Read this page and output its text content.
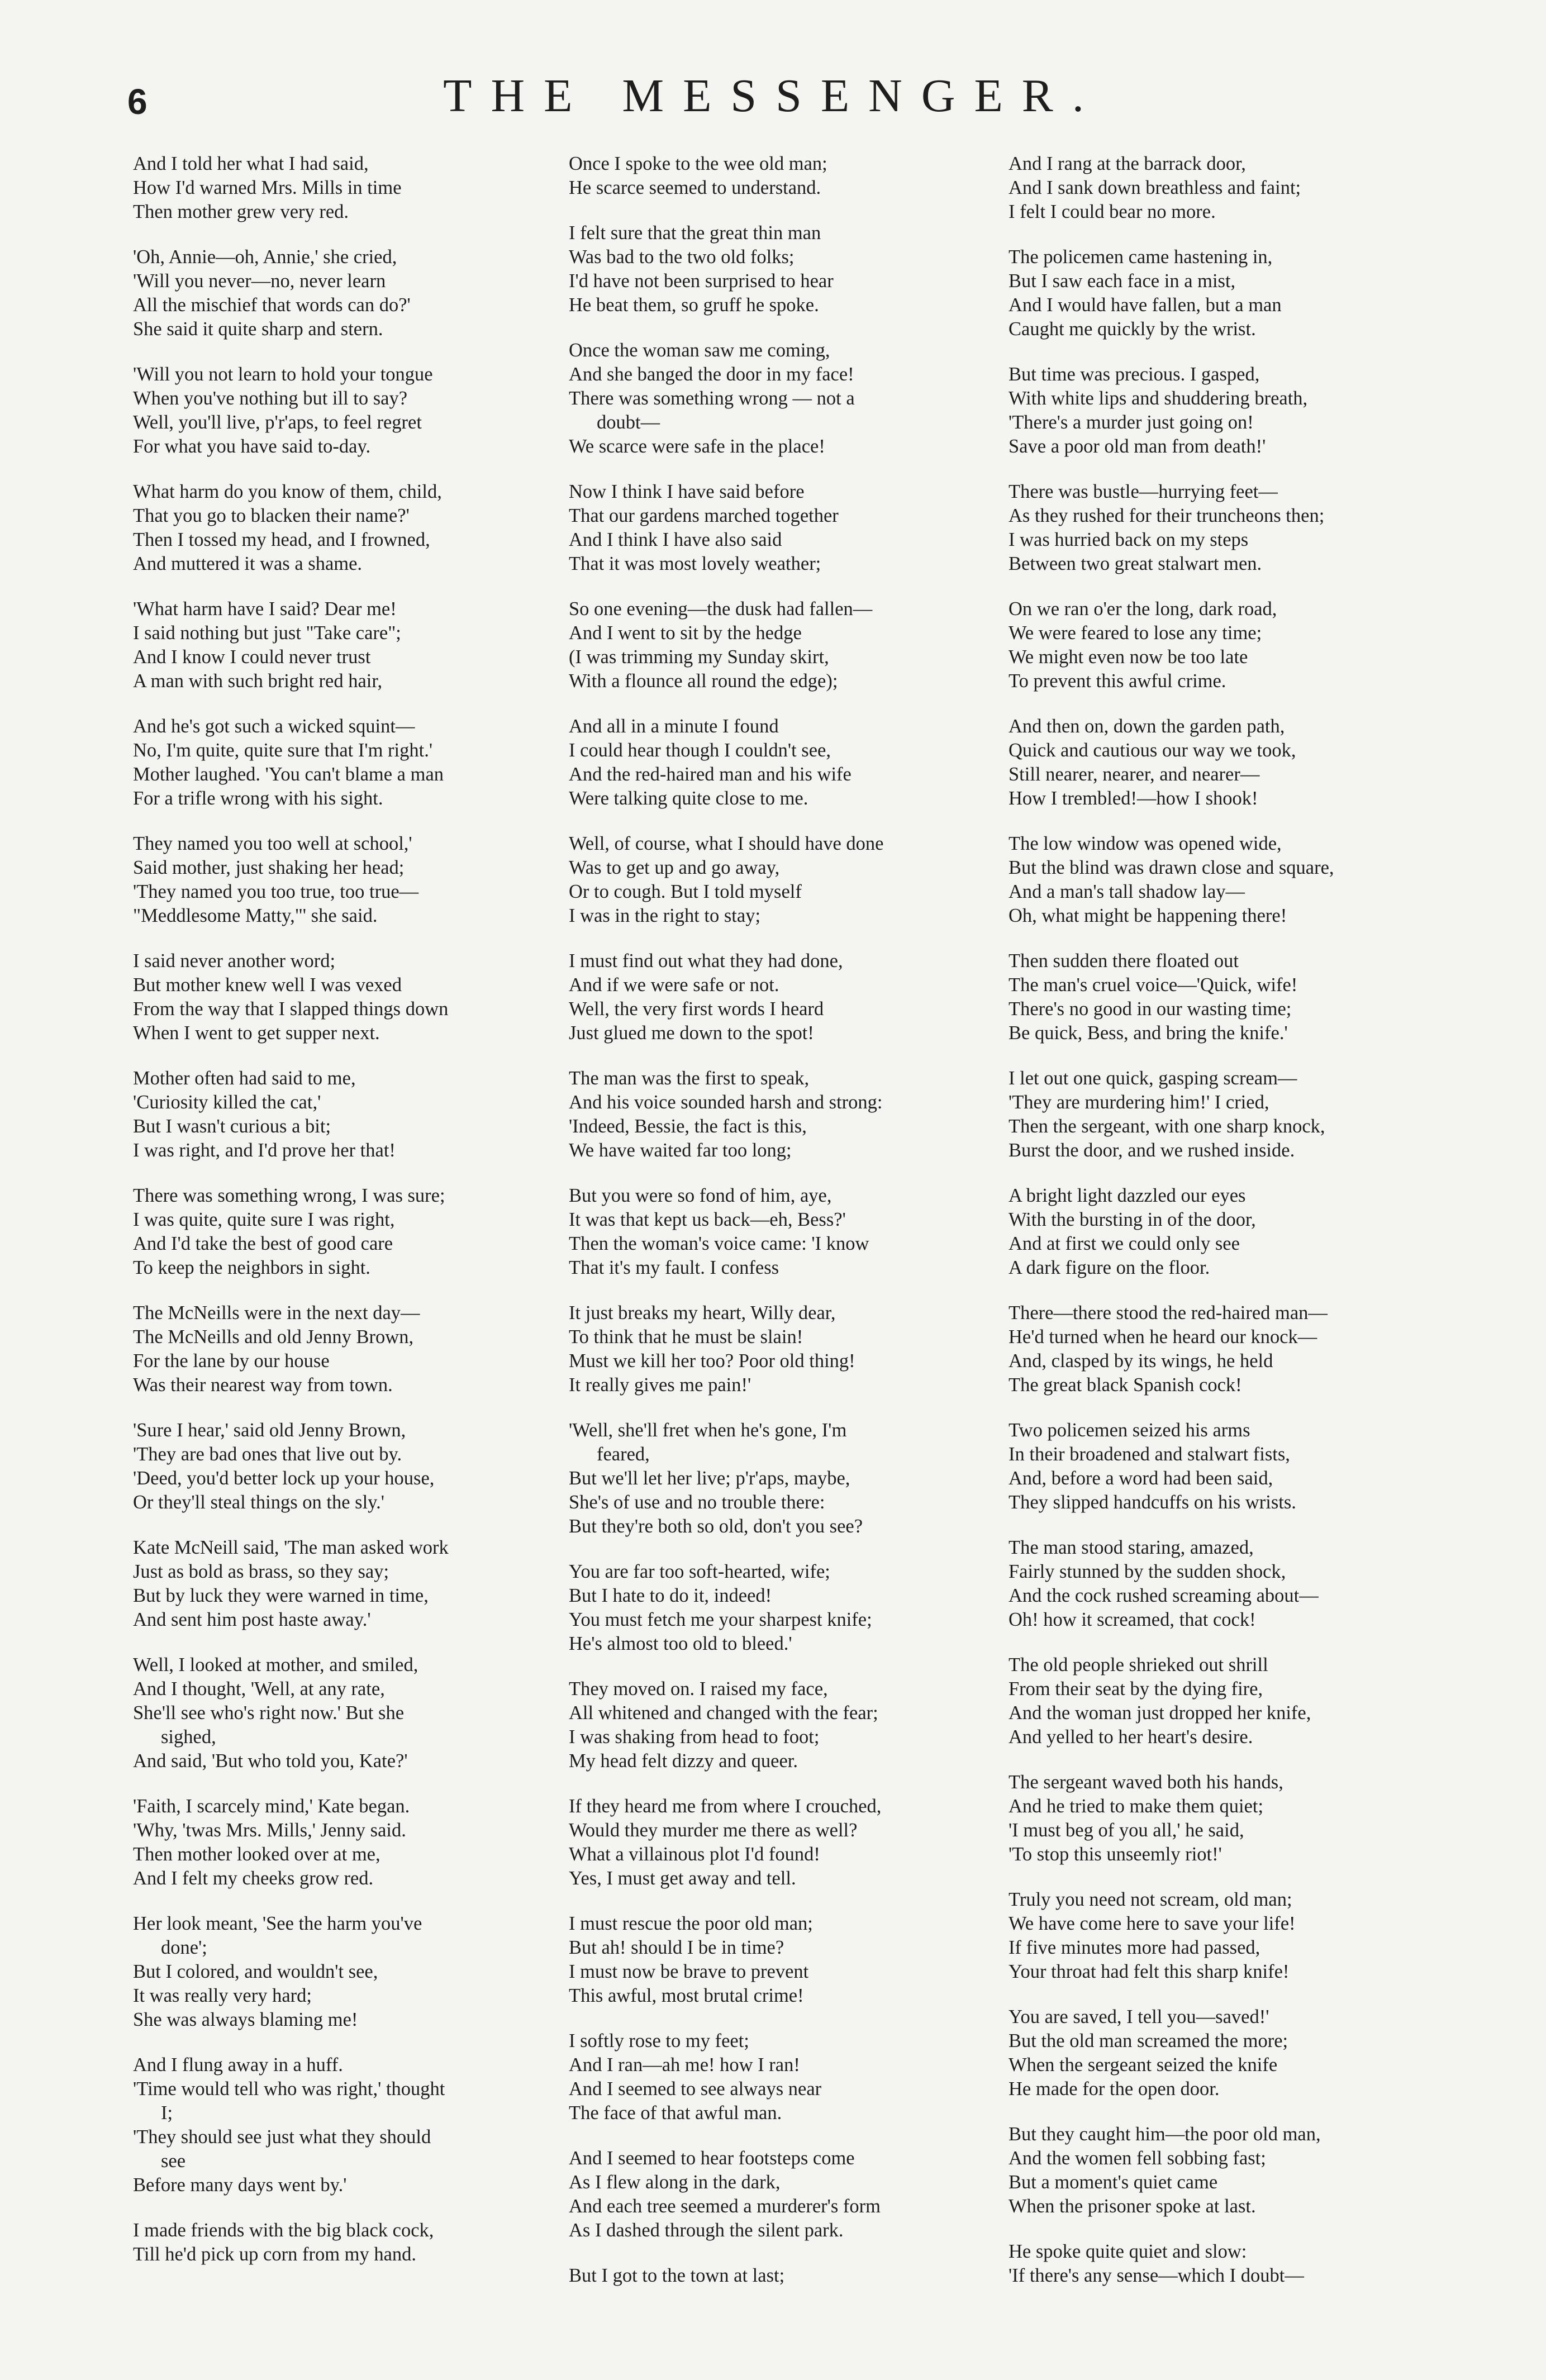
6	THE MESSENGER.
And I told her what I had said,
How I'd warned Mrs. Mills in time
Then mother grew very red.
'Oh, Annie—oh, Annie,' she cried,
'Will you never—no, never learn
All the mischief that words can do?'
She said it quite sharp and stern.
'Will you not learn to hold your tongue
When you've nothing but ill to say?
Well, you'll live, p'r'aps, to feel regret
For what you have said to-day.
What harm do you know of them, child,
That you go to blacken their name?'
Then I tossed my head, and I frowned,
And muttered it was a shame.
'What harm have I said? Dear me!
I said nothing but just "Take care";
And I know I could never trust
A man with such bright red hair,
And he's got such a wicked squint—
No, I'm quite, quite sure that I'm right.'
Mother laughed. 'You can't blame a man
For a trifle wrong with his sight.
They named you too well at school,'
Said mother, just shaking her head;
'They named you too true, too true—
"Meddlesome Matty,"' she said.
I said never another word;
But mother knew well I was vexed
From the way that I slapped things down
When I went to get supper next.
Mother often had said to me,
'Curiosity killed the cat,'
But I wasn't curious a bit;
I was right, and I'd prove her that!
There was something wrong, I was sure;
I was quite, quite sure I was right,
And I'd take the best of good care
To keep the neighbors in sight.
The McNeills were in the next day—
The McNeills and old Jenny Brown,
For the lane by our house
Was their nearest way from town.
'Sure I hear,' said old Jenny Brown,
'They are bad ones that live out by.
'Deed, you'd better lock up your house,
Or they'll steal things on the sly.'
Kate McNeill said, 'The man asked work
Just as bold as brass, so they say;
But by luck they were warned in time,
And sent him post haste away.'
Well, I looked at mother, and smiled,
And I thought, 'Well, at any rate,
She'll see who's right now.' But she
sighed,
And said, 'But who told you, Kate?'
'Faith, I scarcely mind,' Kate began.
'Why, 'twas Mrs. Mills,' Jenny said.
Then mother looked over at me,
And I felt my cheeks grow red.
Her look meant, 'See the harm you've
done';
But I colored, and wouldn't see,
It was really very hard;
She was always blaming me!
And I flung away in a huff.
'Time would tell who was right,' thought
I;
'They should see just what they should
see
Before many days went by.'
I made friends with the big black cock,
Till he'd pick up corn from my hand.
Once I spoke to the wee old man;
He scarce seemed to understand.
I felt sure that the great thin man
Was bad to the two old folks;
I'd have not been surprised to hear
He beat them, so gruff he spoke.
Once the woman saw me coming,
And she banged the door in my face!
There was something wrong — not a
doubt—
We scarce were safe in the place!
Now I think I have said before
That our gardens marched together
And I think I have also said
That it was most lovely weather;
So one evening—the dusk had fallen—
And I went to sit by the hedge
(I was trimming my Sunday skirt,
With a flounce all round the edge);
And all in a minute I found
I could hear though I couldn't see,
And the red-haired man and his wife
Were talking quite close to me.
Well, of course, what I should have done
Was to get up and go away,
Or to cough. But I told myself
I was in the right to stay;
I must find out what they had done,
And if we were safe or not.
Well, the very first words I heard
Just glued me down to the spot!
The man was the first to speak,
And his voice sounded harsh and strong:
'Indeed, Bessie, the fact is this,
We have waited far too long;
But you were so fond of him, aye,
It was that kept us back—eh, Bess?'
Then the woman's voice came: 'I know
That it's my fault. I confess
It just breaks my heart, Willy dear,
To think that he must be slain!
Must we kill her too? Poor old thing!
It really gives me pain!'
'Well, she'll fret when he's gone, I'm
feared,
But we'll let her live; p'r'aps, maybe,
She's of use and no trouble there:
But they're both so old, don't you see?
You are far too soft-hearted, wife;
But I hate to do it, indeed!
You must fetch me your sharpest knife;
He's almost too old to bleed.'
They moved on. I raised my face,
All whitened and changed with the fear;
I was shaking from head to foot;
My head felt dizzy and queer.
If they heard me from where I crouched,
Would they murder me there as well?
What a villainous plot I'd found!
Yes, I must get away and tell.
I must rescue the poor old man;
But ah! should I be in time?
I must now be brave to prevent
This awful, most brutal crime!
I softly rose to my feet;
And I ran—ah me! how I ran!
And I seemed to see always near
The face of that awful man.
And I seemed to hear footsteps come
As I flew along in the dark,
And each tree seemed a murderer's form
As I dashed through the silent park.
But I got to the town at last;
And I rang at the barrack door,
And I sank down breathless and faint;
I felt I could bear no more.
The policemen came hastening in,
But I saw each face in a mist,
And I would have fallen, but a man
Caught me quickly by the wrist.
But time was precious. I gasped,
With white lips and shuddering breath,
'There's a murder just going on!
Save a poor old man from death!'
There was bustle—hurrying feet—
As they rushed for their truncheons then;
I was hurried back on my steps
Between two great stalwart men.
On we ran o'er the long, dark road,
We were feared to lose any time;
We might even now be too late
To prevent this awful crime.
And then on, down the garden path,
Quick and cautious our way we took,
Still nearer, nearer, and nearer—
How I trembled!—how I shook!
The low window was opened wide,
But the blind was drawn close and square,
And a man's tall shadow lay—
Oh, what might be happening there!
Then sudden there floated out
The man's cruel voice—'Quick, wife!
There's no good in our wasting time;
Be quick, Bess, and bring the knife.'
I let out one quick, gasping scream—
'They are murdering him!' I cried,
Then the sergeant, with one sharp knock,
Burst the door, and we rushed inside.
A bright light dazzled our eyes
With the bursting in of the door,
And at first we could only see
A dark figure on the floor.
There—there stood the red-haired man—
He'd turned when he heard our knock—
And, clasped by its wings, he held
The great black Spanish cock!
Two policemen seized his arms
In their broadened and stalwart fists,
And, before a word had been said,
They slipped handcuffs on his wrists.
The man stood staring, amazed,
Fairly stunned by the sudden shock,
And the cock rushed screaming about—
Oh! how it screamed, that cock!
The old people shrieked out shrill
From their seat by the dying fire,
And the woman just dropped her knife,
And yelled to her heart's desire.
The sergeant waved both his hands,
And he tried to make them quiet;
'I must beg of you all,' he said,
'To stop this unseemly riot!'
Truly you need not scream, old man;
We have come here to save your life!
If five minutes more had passed,
Your throat had felt this sharp knife!
You are saved, I tell you—saved!'
But the old man screamed the more;
When the sergeant seized the knife
He made for the open door.
But they caught him—the poor old man,
And the women fell sobbing fast;
But a moment's quiet came
When the prisoner spoke at last.
He spoke quite quiet and slow:
'If there's any sense—which I doubt—
